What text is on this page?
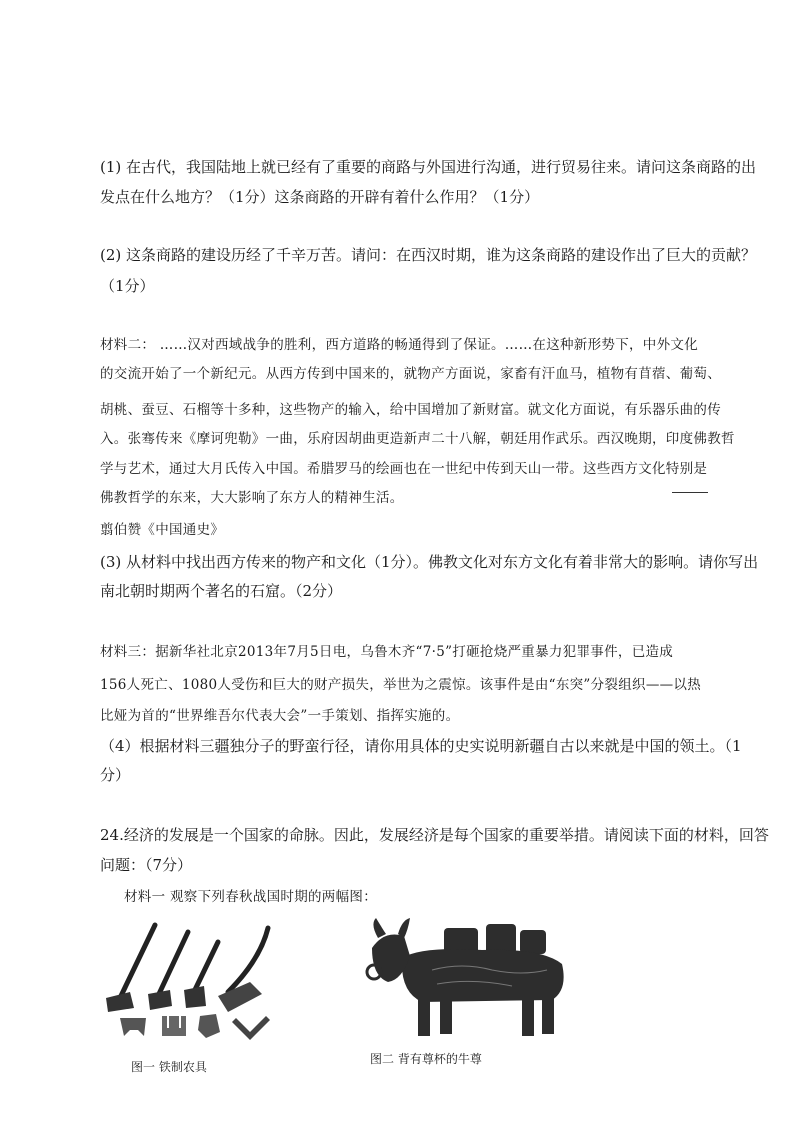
(1) 在古代，我国陆地上就已经有了重要的商路与外国进行沟通，进行贸易往来。请问这条商路的出
发点在什么地方？（1分）这条商路的开辟有着什么作用？（1分）
(2) 这条商路的建设历经了千辛万苦。请问：在西汉时期，谁为这条商路的建设作出了巨大的贡献？
（1分）
材料二： ……汉对西域战争的胜利，西方道路的畅通得到了保证。……在这种新形势下，中外文化
的交流开始了一个新纪元。从西方传到中国来的，就物产方面说，家畜有汗血马，植物有苜蓿、葡萄、
胡桃、蚕豆、石榴等十多种，这些物产的输入，给中国增加了新财富。就文化方面说，有乐器乐曲的传
入。张骞传来《摩诃兜勒》一曲，乐府因胡曲更造新声二十八解，朝廷用作武乐。西汉晚期，印度佛教哲
学与艺术，通过大月氏传入中国。希腊罗马的绘画也在一世纪中传到天山一带。这些西方文化特别是
佛教哲学的东来，大大影响了东方人的精神生活。
翦伯赞《中国通史》
(3) 从材料中找出西方传来的物产和文化（1分）。佛教文化对东方文化有着非常大的影响。请你写出
南北朝时期两个著名的石窟。（2分）
材料三：据新华社北京2013年7月5日电，乌鲁木齐“7·5”打砸抢烧严重暴力犯罪事件，已造成
156人死亡、1080人受伤和巨大的财产损失，举世为之震惊。该事件是由“东突”分裂组织——以热
比娅为首的“世界维吾尔代表大会”一手策划、指挥实施的。
（4）根据材料三疆独分子的野蛮行径，请你用具体的史实说明新疆自古以来就是中国的领土。（1
分）
24.经济的发展是一个国家的命脉。因此，发展经济是每个国家的重要举措。请阅读下面的材料，回答
问题：（7分）
材料一 观察下列春秋战国时期的两幅图：
图一 铁制农具
图二 背有尊杯的牛尊
